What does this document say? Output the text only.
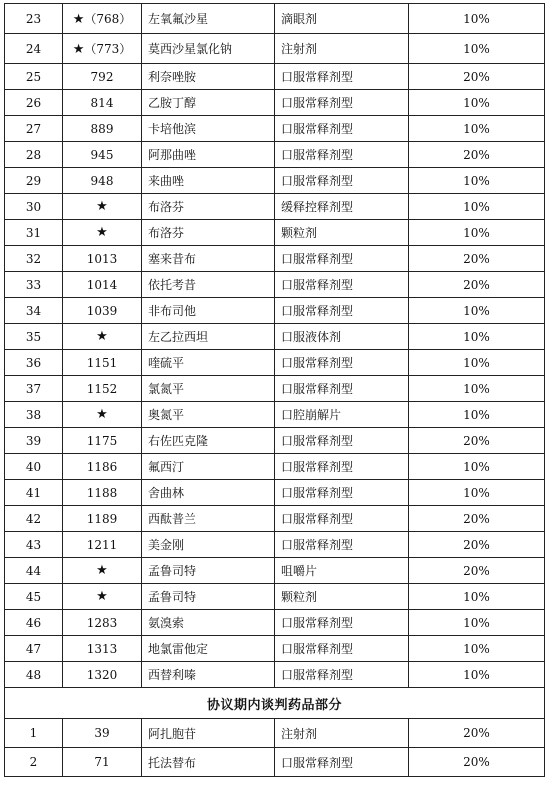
23	★（768）	左氧氟沙星	滴眼剂	10%
24	★（773）	莫西沙星氯化钠	注射剂	10%
25	792	利奈唑胺	口服常释剂型	20%
26	814	乙胺丁醇	口服常释剂型	10%
27	889	卡培他滨	口服常释剂型	10%
28	945	阿那曲唑	口服常释剂型	20%
29	948	来曲唑	口服常释剂型	10%
30	★	布洛芬	缓释控释剂型	10%
31	★	布洛芬	颗粒剂	10%
32	1013	塞来昔布	口服常释剂型	20%
33	1014	依托考昔	口服常释剂型	20%
34	1039	非布司他	口服常释剂型	10%
35	★	左乙拉西坦	口服液体剂	10%
36	1151	喹硫平	口服常释剂型	10%
37	1152	氯氮平	口服常释剂型	10%
38	★	奥氮平	口腔崩解片	10%
39	1175	右佐匹克隆	口服常释剂型	20%
40	1186	氟西汀	口服常释剂型	10%
41	1188	舍曲林	口服常释剂型	10%
42	1189	西酞普兰	口服常释剂型	20%
43	1211	美金刚	口服常释剂型	20%
44	★	孟鲁司特	咀嚼片	20%
45	★	孟鲁司特	颗粒剂	10%
46	1283	氨溴索	口服常释剂型	10%
47	1313	地氯雷他定	口服常释剂型	10%
48	1320	西替利嗪	口服常释剂型	10%
协议期内谈判药品部分				
1	39	阿扎胞苷	注射剂	20%
2	71	托法替布	口服常释剂型	20%
